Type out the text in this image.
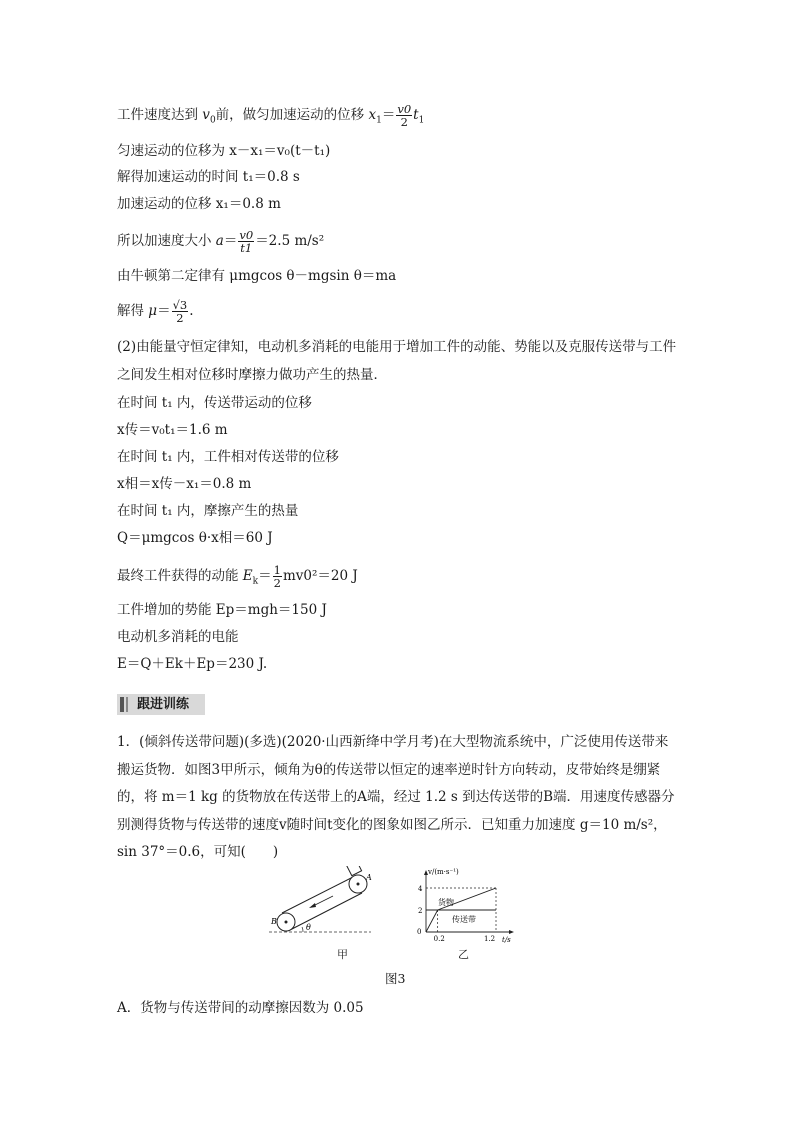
工件速度达到 $v_0$前，做匀加速运动的位移 $x_1= \frac{v0}{2} t_1$
匀速运动的位移为 x－x₁＝v₀(t－t₁)
解得加速运动的时间 t₁＝0.8 s
加速运动的位移 x₁＝0.8 m
所以加速度大小 $a= \frac{v0}{t1} =2.5$ m/s²
由牛顿第二定律有 μmgcos θ－mgsin θ＝ma
解得 $\mu= \frac{√3}{2}$ .
(2)由能量守恒定律知，电动机多消耗的电能用于增加工件的动能、势能以及克服传送带与工件之间发生相对位移时摩擦力做功产生的热量．
在时间 t₁ 内，传送带运动的位移
x传＝v₀t₁＝1.6 m
在时间 t₁ 内，工件相对传送带的位移
x相＝x传－x₁＝0.8 m
在时间 t₁ 内，摩擦产生的热量
Q＝μmgcos θ·x相＝60 J
最终工件获得的动能 $E_k= \frac{1}{2} mv0^2=20$ J
工件增加的势能 Ep＝mgh＝150 J
电动机多消耗的电能
E＝Q＋Ek＋Ep＝230 J.
跟进训练
1．(倾斜传送带问题)(多选)(2020·山西新绛中学月考)在大型物流系统中，广泛使用传送带来搬运货物．如图3甲所示，倾角为θ的传送带以恒定的速率逆时针方向转动，皮带始终是绷紧的，将 m＝1 kg 的货物放在传送带上的A端，经过 1.2 s 到达传送带的B端．用速度传感器分别测得货物与传送带的速度v随时间t变化的图象如图乙所示．已知重力加速度 g＝10 m/s²，sin 37°＝0.6，可知(　　)
θ
A
B
甲
v/(m·s⁻¹)
t/s
0
0.2	1.2
2
4
货物
传送带
乙
图3
A．货物与传送带间的动摩擦因数为 0.05
